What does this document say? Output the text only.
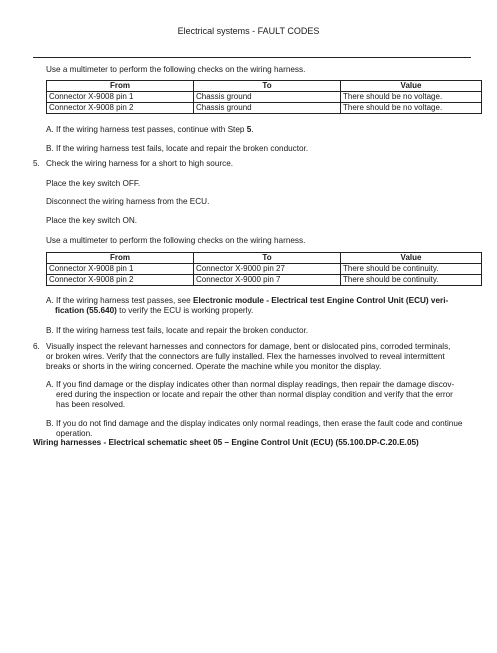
Electrical systems - FAULT CODES
Use a multimeter to perform the following checks on the wiring harness.
From	To	Value
Connector X-9008 pin 1	Chassis ground	There should be no voltage.
Connector X-9008 pin 2	Chassis ground	There should be no voltage.
A. If the wiring harness test passes, continue with Step 5.
B. If the wiring harness test fails, locate and repair the broken conductor.
5. Check the wiring harness for a short to high source.
Place the key switch OFF.
Disconnect the wiring harness from the ECU.
Place the key switch ON.
Use a multimeter to perform the following checks on the wiring harness.
From	To	Value
Connector X-9008 pin 1	Connector X-9000 pin 27	There should be continuity.
Connector X-9008 pin 2	Connector X-9000 pin 7	There should be continuity.
A. If the wiring harness test passes, see Electronic module - Electrical test Engine Control Unit (ECU) veri-
fication (55.640) to verify the ECU is working properly.
B. If the wiring harness test fails, locate and repair the broken conductor.
6. Visually inspect the relevant harnesses and connectors for damage, bent or dislocated pins, corroded terminals,
or broken wires. Verify that the connectors are fully installed. Flex the harnesses involved to reveal intermittent
breaks or shorts in the wiring concerned. Operate the machine while you monitor the display.
A. If you find damage or the display indicates other than normal display readings, then repair the damage discov-
ered during the inspection or locate and repair the other than normal display condition and verify that the error
has been resolved.
B. If you do not find damage and the display indicates only normal readings, then erase the fault code and continue
operation.
Wiring harnesses - Electrical schematic sheet 05 – Engine Control Unit (ECU) (55.100.DP-C.20.E.05)
